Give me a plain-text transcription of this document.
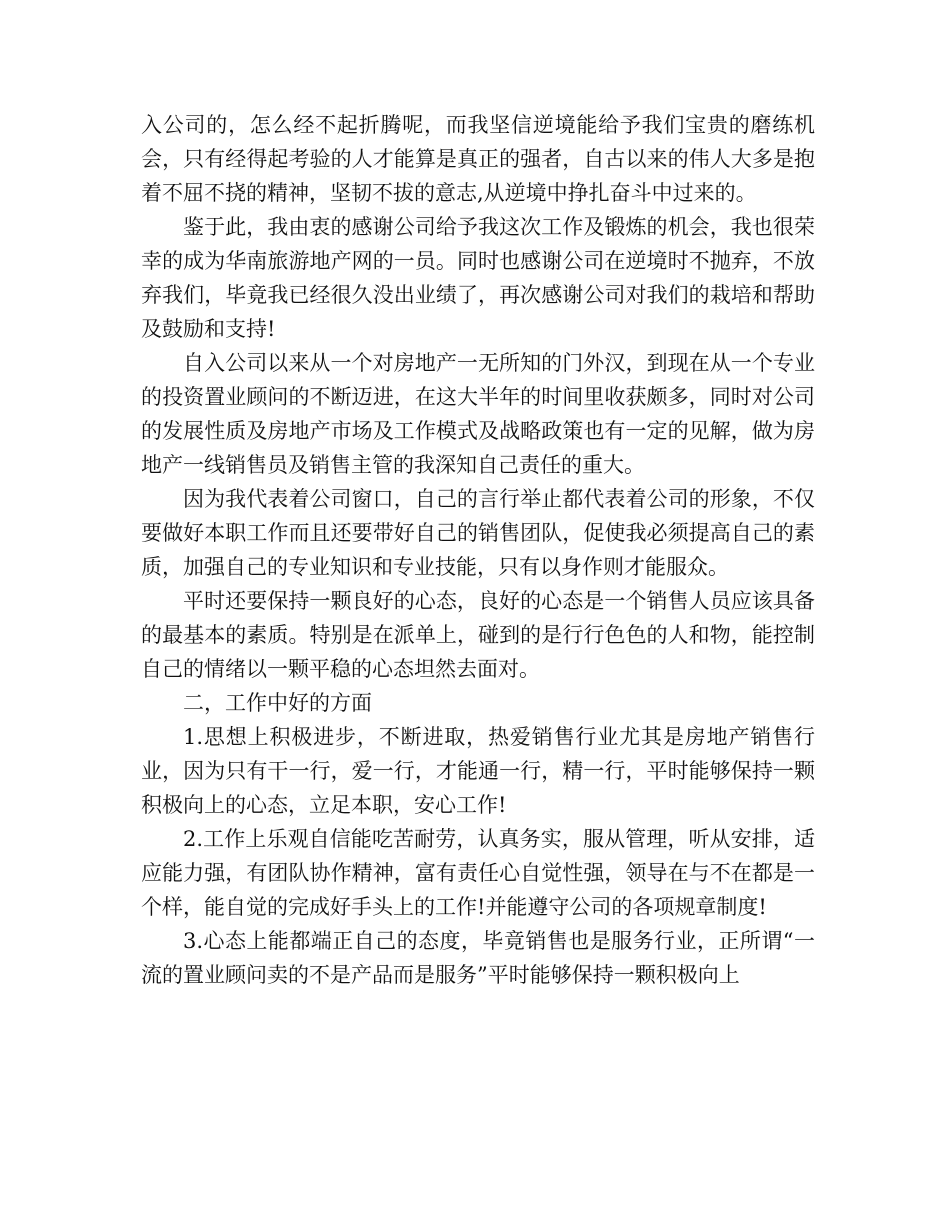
入公司的，怎么经不起折腾呢，而我坚信逆境能给予我们宝贵的磨练机会，只有经得起考验的人才能算是真正的强者，自古以来的伟人大多是抱着不屈不挠的精神，坚韧不拔的意志,从逆境中挣扎奋斗中过来的。

鉴于此，我由衷的感谢公司给予我这次工作及锻炼的机会，我也很荣幸的成为华南旅游地产网的一员。同时也感谢公司在逆境时不抛弃，不放弃我们，毕竟我已经很久没出业绩了，再次感谢公司对我们的栽培和帮助及鼓励和支持!

自入公司以来从一个对房地产一无所知的门外汉，到现在从一个专业的投资置业顾问的不断迈进，在这大半年的时间里收获颇多，同时对公司的发展性质及房地产市场及工作模式及战略政策也有一定的见解，做为房地产一线销售员及销售主管的我深知自己责任的重大。

因为我代表着公司窗口，自己的言行举止都代表着公司的形象，不仅要做好本职工作而且还要带好自己的销售团队，促使我必须提高自己的素质，加强自己的专业知识和专业技能，只有以身作则才能服众。

平时还要保持一颗良好的心态，良好的心态是一个销售人员应该具备的最基本的素质。特别是在派单上，碰到的是行行色色的人和物，能控制自己的情绪以一颗平稳的心态坦然去面对。

二，工作中好的方面

1.思想上积极进步，不断进取，热爱销售行业尤其是房地产销售行业，因为只有干一行，爱一行，才能通一行，精一行，平时能够保持一颗积极向上的心态，立足本职，安心工作!

2.工作上乐观自信能吃苦耐劳，认真务实，服从管理，听从安排，适应能力强，有团队协作精神，富有责任心自觉性强，领导在与不在都是一个样，能自觉的完成好手头上的工作!并能遵守公司的各项规章制度!

3.心态上能都端正自己的态度，毕竟销售也是服务行业，正所谓“一流的置业顾问卖的不是产品而是服务”平时能够保持一颗积极向上
